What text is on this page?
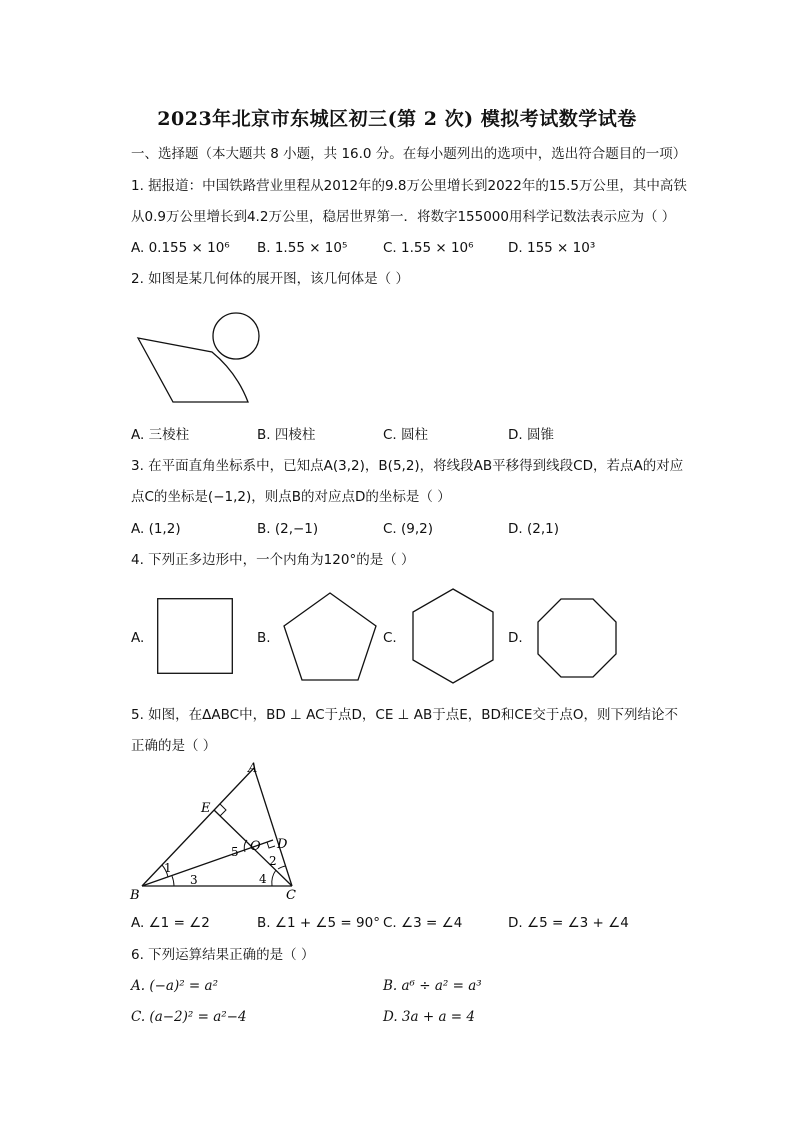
2023年北京市东城区初三(第 2 次) 模拟考试数学试卷
一、选择题（本大题共 8 小题，共 16.0 分。在每小题列出的选项中，选出符合题目的一项）
1. 据报道：中国铁路营业里程从2012年的9.8万公里增长到2022年的15.5万公里，其中高铁
从0.9万公里增长到4.2万公里，稳居世界第一．将数字155000用科学记数法表示应为（ ）
A. 0.155 × 10⁶ B. 1.55 × 10⁵	C. 1.55 × 10⁶	D. 155 × 10³
2. 如图是某几何体的展开图，该几何体是（ ）
A. 三棱柱	B. 四棱柱	C. 圆柱	D. 圆锥
3. 在平面直角坐标系中，已知点A(3,2)，B(5,2)，将线段AB平移得到线段CD，若点A的对应
点C的坐标是(−1,2)，则点B的对应点D的坐标是（ ）
A. (1,2)	B. (2,−1)	C. (9,2)	D. (2,1)
4. 下列正多边形中，一个内角为120°的是（ ）
A.	B.	C.	D.
5. 如图，在ΔABC中，BD ⊥ AC于点D，CE ⊥ AB于点E，BD和CE交于点O，则下列结论不
正确的是（ ）
A
E
O D
B	C
1	2
3	4
5
A. ∠1 = ∠2	B. ∠1 + ∠5 = 90° C. ∠3 = ∠4	D. ∠5 = ∠3 + ∠4
6. 下列运算结果正确的是（ ）
A. (−a)² = a²	B. a⁶ ÷ a² = a³
C. (a−2)² = a²−4	D. 3a + a = 4
